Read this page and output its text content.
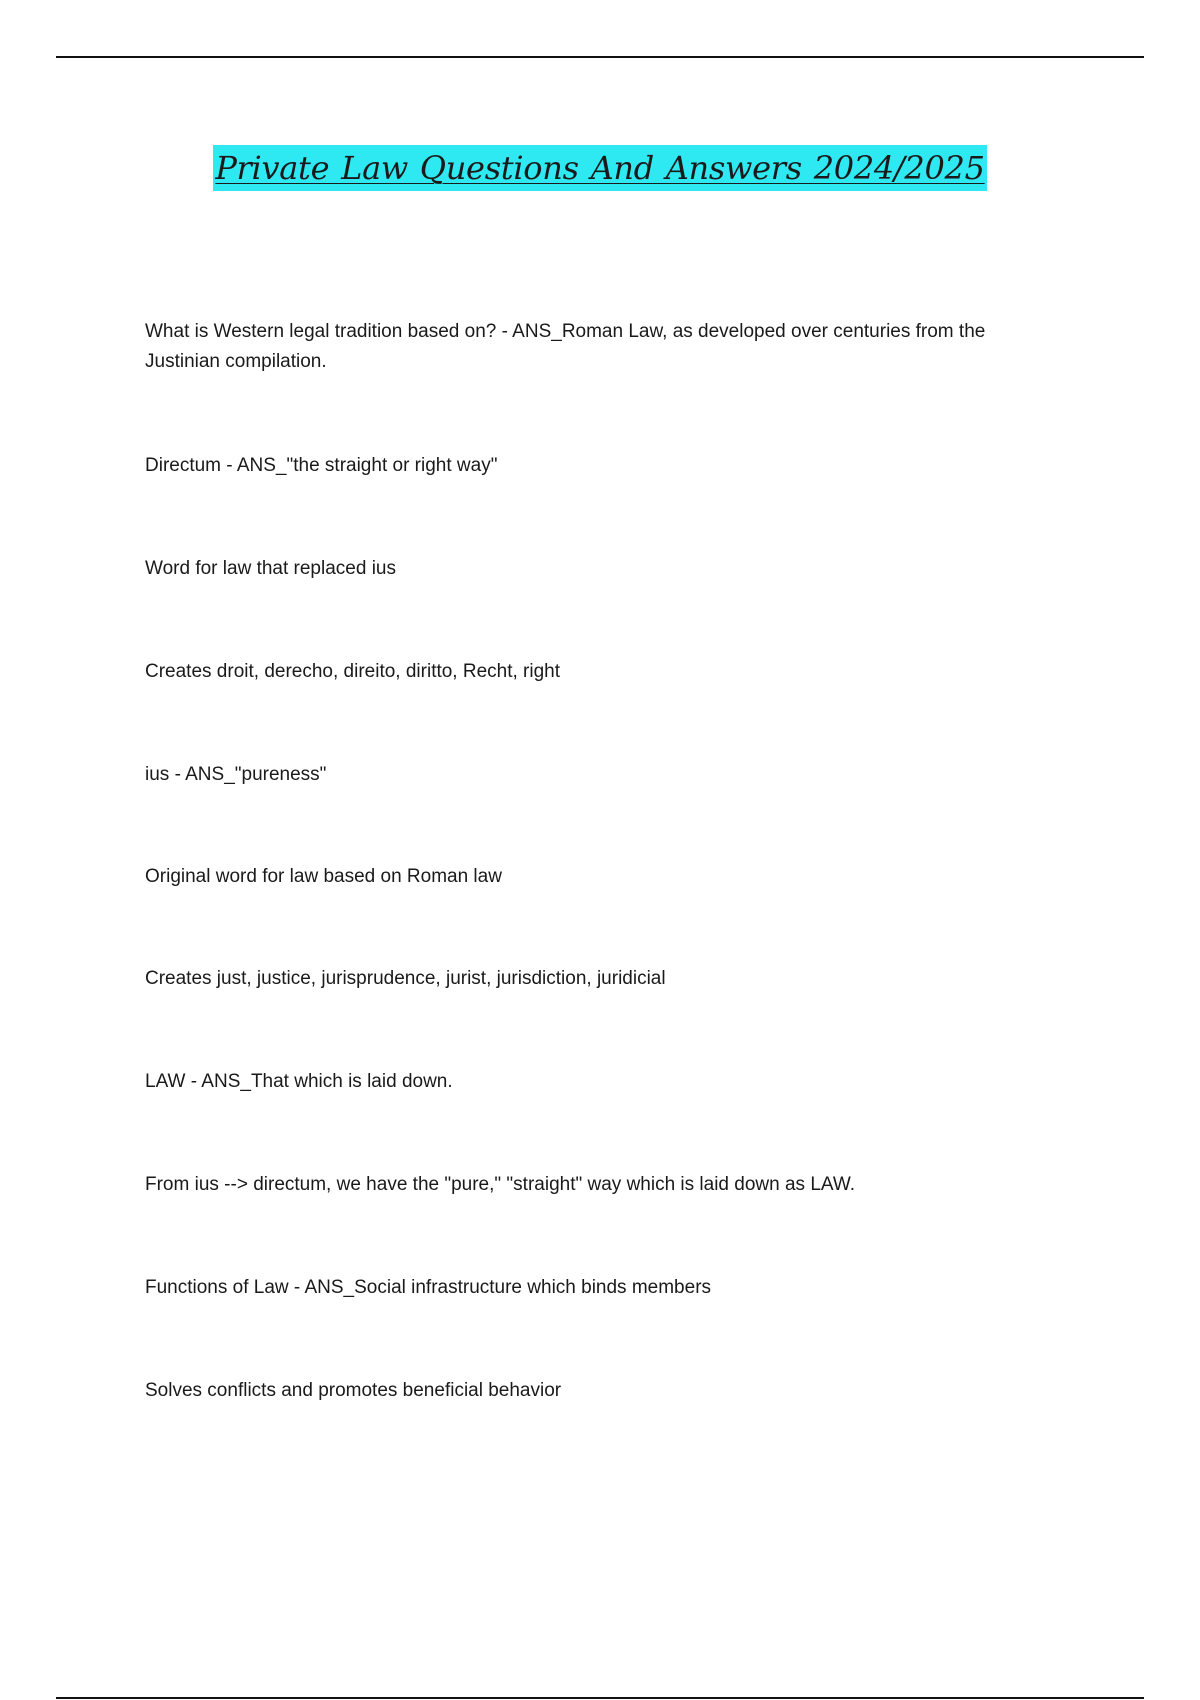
Private Law Questions And Answers 2024/2025
What is Western legal tradition based on? - ANS_Roman Law, as developed over centuries from the
Justinian compilation.
Directum - ANS_"the straight or right way"
Word for law that replaced ius
Creates droit, derecho, direito, diritto, Recht, right
ius - ANS_"pureness"
Original word for law based on Roman law
Creates just, justice, jurisprudence, jurist, jurisdiction, juridicial
LAW - ANS_That which is laid down.
From ius --> directum, we have the "pure," "straight" way which is laid down as LAW.
Functions of Law - ANS_Social infrastructure which binds members
Solves conflicts and promotes beneficial behavior
